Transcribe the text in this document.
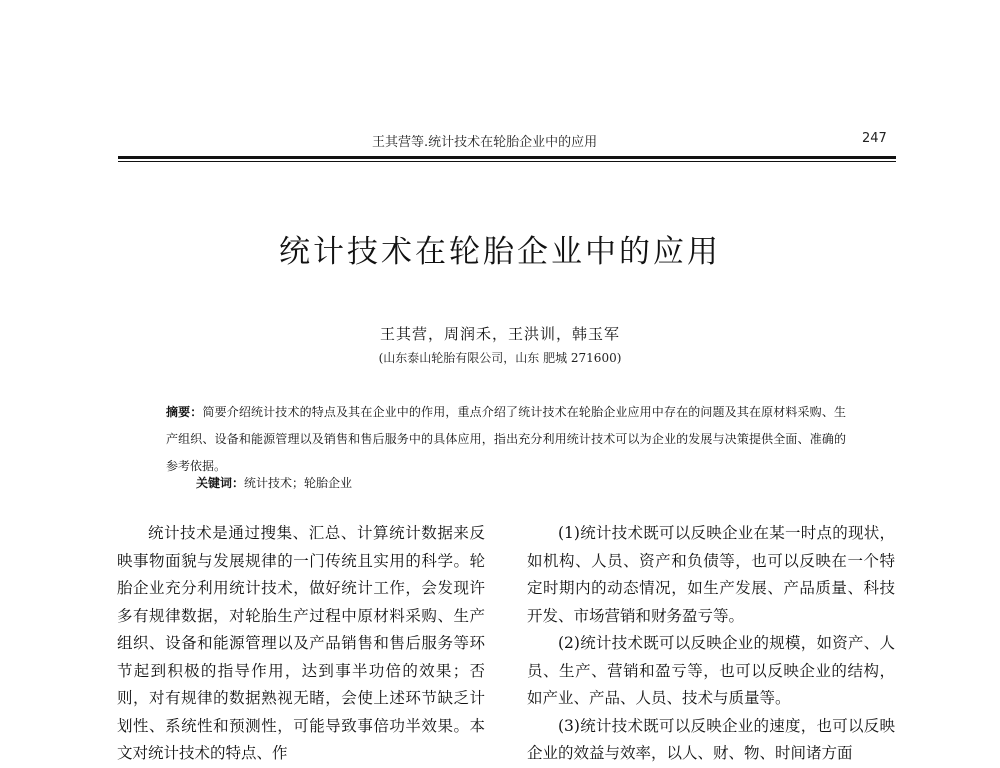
王其营等.统计技术在轮胎企业中的应用	247
统计技术在轮胎企业中的应用
王其营，周润禾，王洪训，韩玉军
(山东泰山轮胎有限公司，山东 肥城 271600)
摘要：简要介绍统计技术的特点及其在企业中的作用，重点介绍了统计技术在轮胎企业应用中存在的问题及其在原材料采购、生产组织、设备和能源管理以及销售和售后服务中的具体应用，指出充分利用统计技术可以为企业的发展与决策提供全面、准确的参考依据。
关键词：统计技术；轮胎企业

统计技术是通过搜集、汇总、计算统计数据来反映事物面貌与发展规律的一门传统且实用的科学。轮胎企业充分利用统计技术，做好统计工作，会发现许多有规律数据，对轮胎生产过程中原材料采购、生产组织、设备和能源管理以及产品销售和售后服务等环节起到积极的指导作用，达到事半功倍的效果；否则，对有规律的数据熟视无睹，会使上述环节缺乏计划性、系统性和预测性，可能导致事倍功半效果。本文对统计技术的特点、作

(1)统计技术既可以反映企业在某一时点的现状，如机构、人员、资产和负债等，也可以反映在一个特定时期内的动态情况，如生产发展、产品质量、科技开发、市场营销和财务盈亏等。

(2)统计技术既可以反映企业的规模，如资产、人员、生产、营销和盈亏等，也可以反映企业的结构，如产业、产品、人员、技术与质量等。

(3)统计技术既可以反映企业的速度，也可以反映企业的效益与效率，以人、财、物、时间诸方面
